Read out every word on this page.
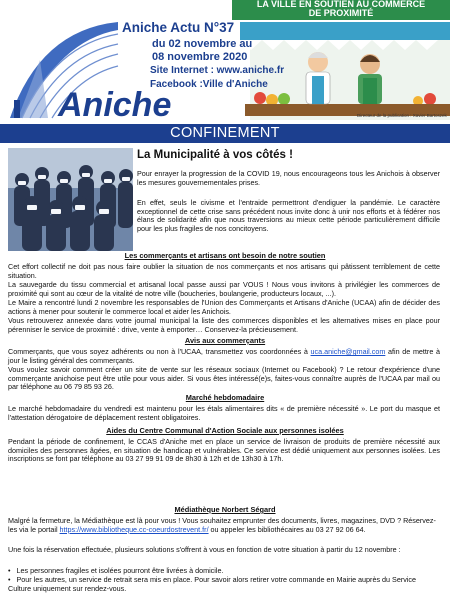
Aniche
LA VILLE EN SOUTIEN AU COMMERCE
DE PROXIMITÉ
Aniche Actu N°37
du 02 novembre au
08 novembre 2020
Site Internet : www.aniche.fr
Facebook :Ville d'Aniche
Directeur de la publication : Xavier Bartoszek
CONFINEMENT
La Municipalité à vos côtés !
Pour enrayer la progression de la COVID 19, nous encourageons tous les Anichois à observer les mesures gouvernementales prises.
En effet, seuls le civisme et l'entraide permettront d'endiguer la pandémie. Le caractère exceptionnel de cette crise sans précédent nous invite donc à unir nos efforts et à fédérer nos élans de solidarité afin que nous traversions au mieux cette période particulièrement difficile pour les plus fragiles de nos concitoyens.
Les commerçants et artisans ont besoin de notre soutien
Cet effort collectif ne doit pas nous faire oublier la situation de nos commerçants et nos artisans qui pâtissent terriblement de cette situation.
La sauvegarde du tissu commercial et artisanal local passe aussi par VOUS ! Nous vous invitons à privilégier les commerces de proximité qui sont au cœur de la vitalité de notre ville (boucheries, boulangerie, producteurs locaux, ...).
Le Maire a rencontré lundi 2 novembre les responsables de l'Union des Commerçants et Artisans d'Aniche (UCAA) afin de décider des actions à mener pour soutenir le commerce local et aider les Anichois.
Vous retrouverez annexée dans votre journal municipal la liste des commerces disponibles et les alternatives mises en place pour pérenniser le service de proximité : drive, vente à emporter… Conservez-la précieusement.
Avis aux commerçants
Commerçants, que vous soyez adhérents ou non à l'UCAA, transmettez vos coordonnées à uca.aniche@gmail.com afin de mettre à jour le listing général des commerçants.
Vous voulez savoir comment créer un site de vente sur les réseaux sociaux (Internet ou Facebook) ? Le retour d'expérience d'une commerçante anichoise peut être utile pour vous aider. Si vous êtes intéressé(e)s, faites-vous connaître auprès de l'UCAA par mail ou par téléphone au 06 79 85 93 26.
Marché hebdomadaire
Le marché hebdomadaire du vendredi est maintenu pour les étals alimentaires dits « de première nécessité ». Le port du masque et l'attestation dérogatoire de déplacement restent obligatoires.
Aides du Centre Communal d'Action Sociale aux personnes isolées
Pendant la période de confinement, le CCAS d'Aniche met en place un service de livraison de produits de première nécessité aux domiciles des personnes âgées, en situation de handicap et vulnérables. Ce service est dédié uniquement aux personnes isolées. Les inscriptions se font par téléphone au 03 27 99 91 09 de 8h30 à 12h et de 13h30 à 17h.
Médiathèque Norbert Ségard
Malgré la fermeture, la Médiathèque est là pour vous ! Vous souhaitez emprunter des documents, livres, magazines, DVD ? Réservez-les via le portail https://www.bibliotheque.cc-coeurdostrevent.fr/ ou appeler les bibliothécaires au 03 27 92 06 64.
Une fois la réservation effectuée, plusieurs solutions s'offrent à vous en fonction de votre situation à partir du 12 novembre :
•   Les personnes fragiles et isolées pourront être livrées à domicile.
•   Pour les autres, un service de retrait sera mis en place. Pour savoir alors retirer votre commande en Mairie auprès du Service Culture uniquement sur rendez-vous.
